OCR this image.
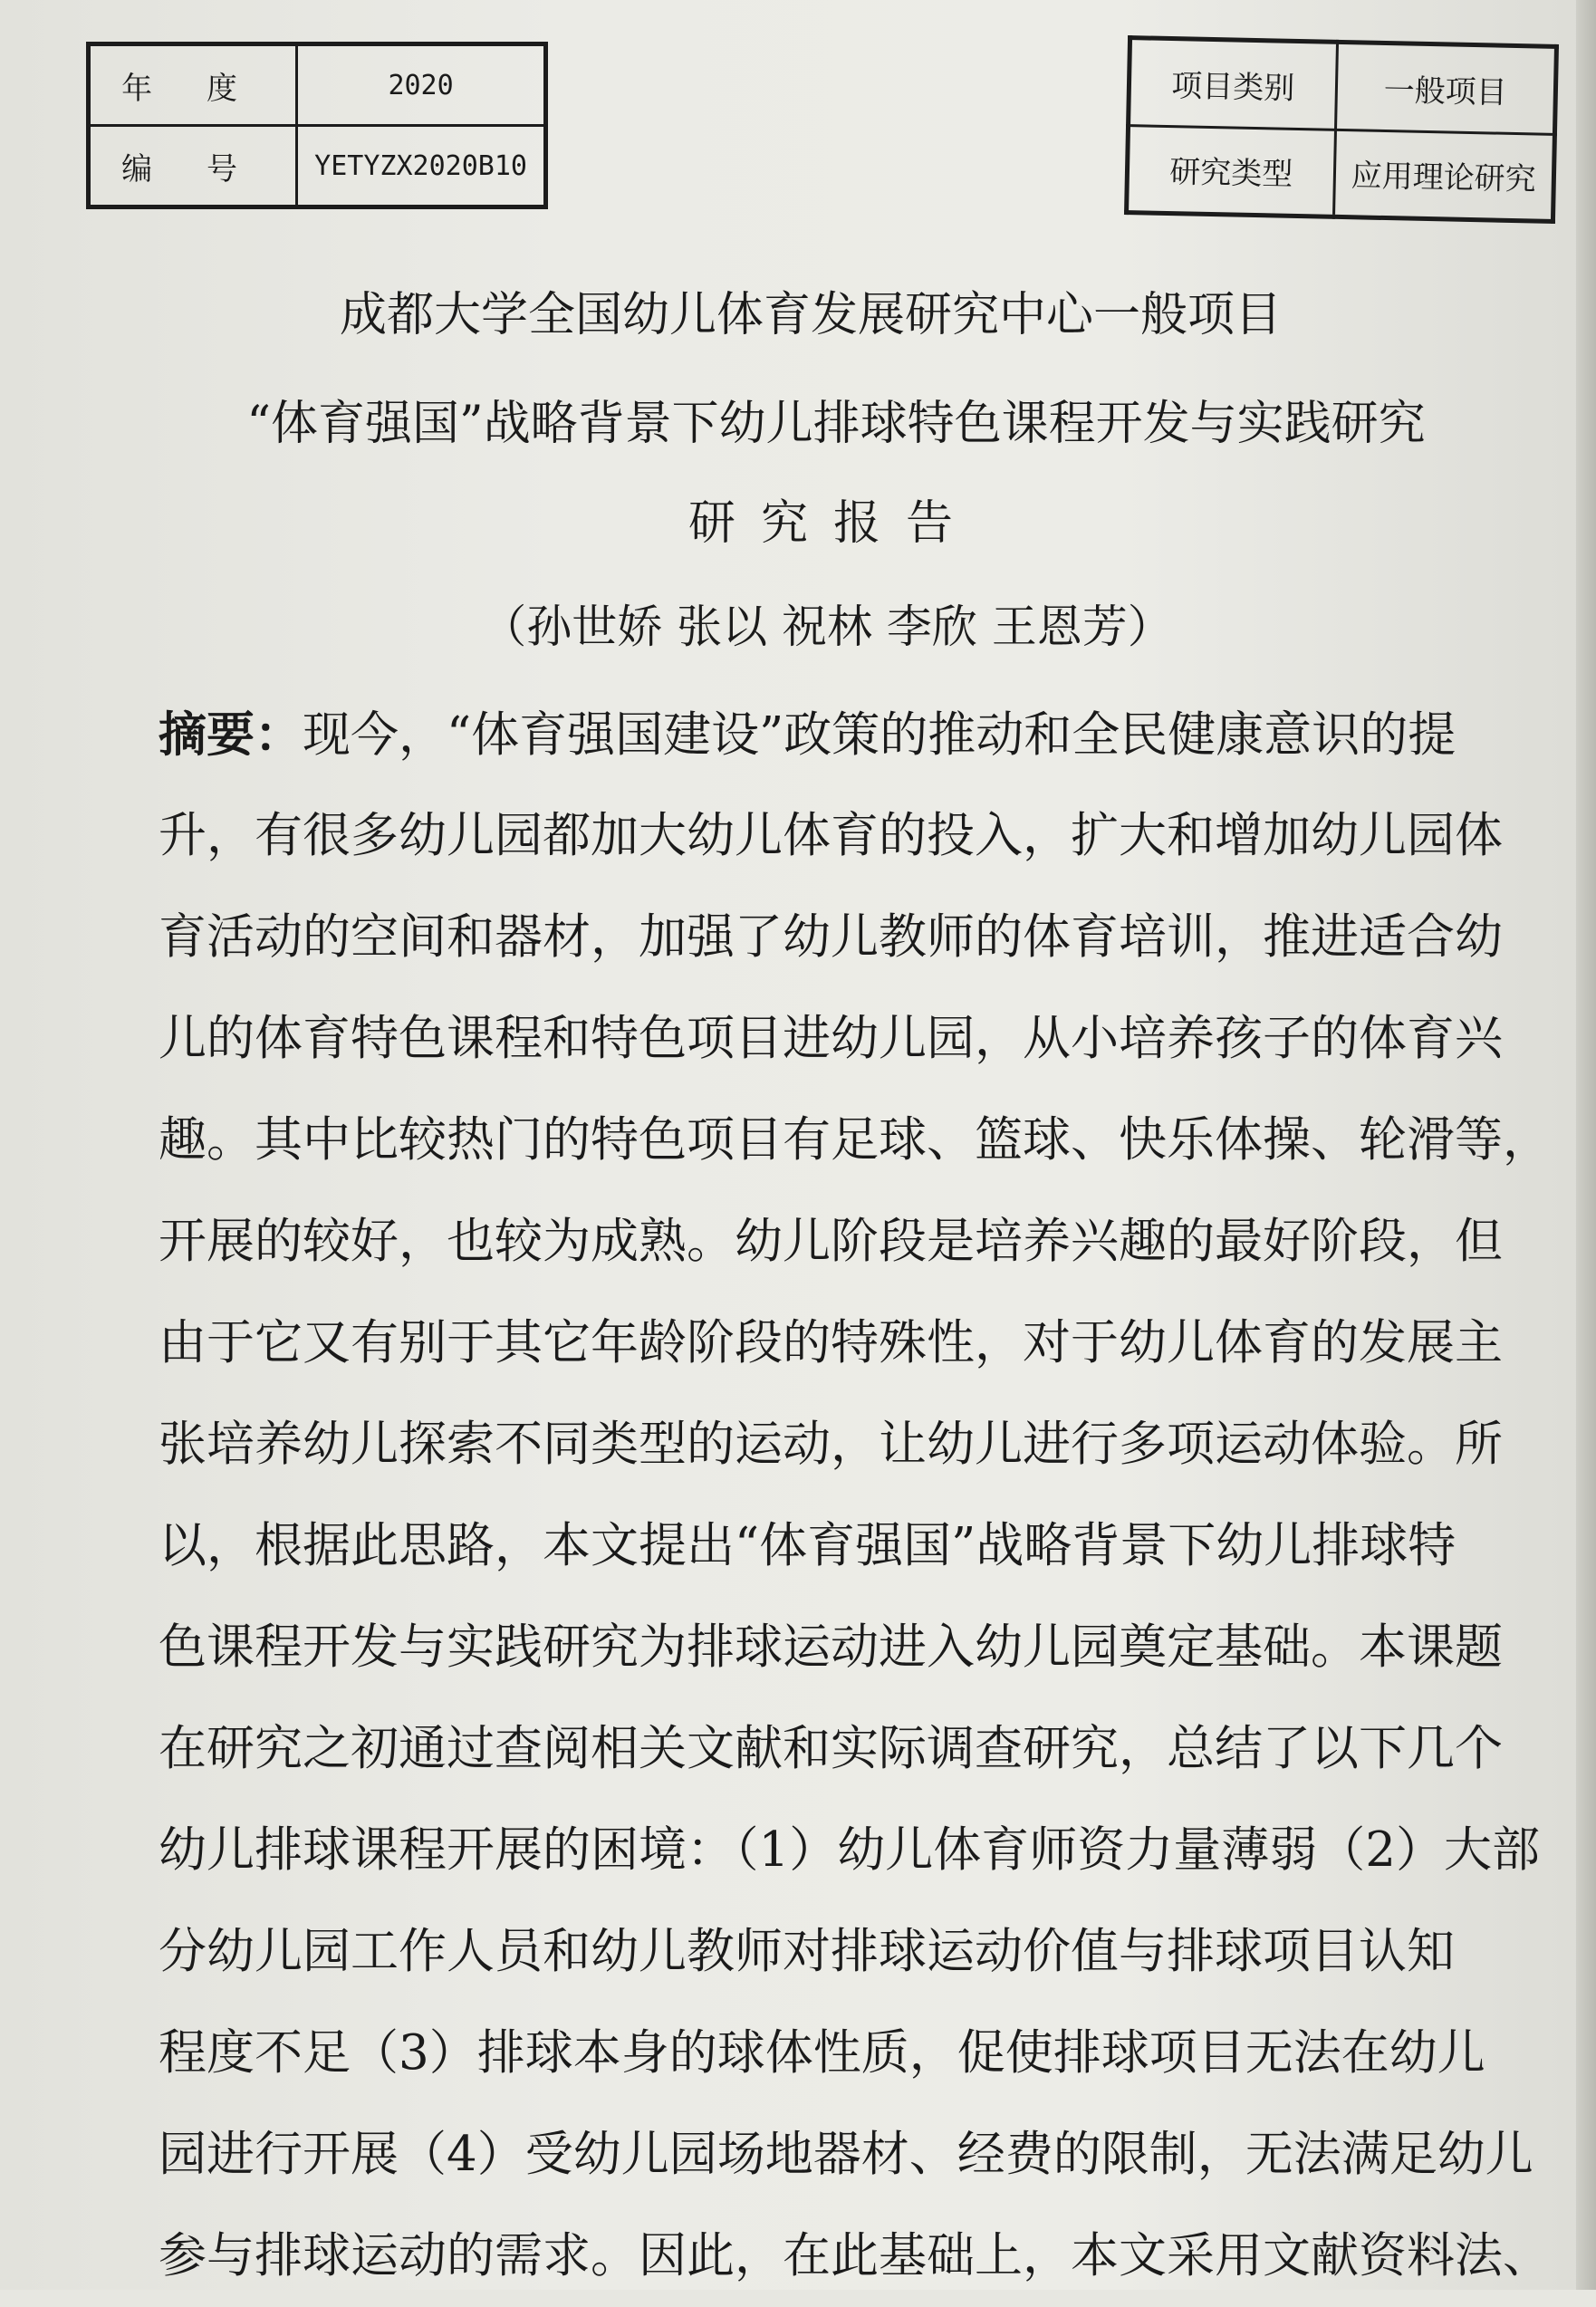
年度	2020
编号	YETYZX2020B10
项目类别	一般项目
研究类型	应用理论研究
成都大学全国幼儿体育发展研究中心一般项目
“体育强国”战略背景下幼儿排球特色课程开发与实践研究
研究报告
（孙世娇 张以 祝林 李欣 王恩芳）
摘要：现今，“体育强国建设”政策的推动和全民健康意识的提
升，有很多幼儿园都加大幼儿体育的投入，扩大和增加幼儿园体
育活动的空间和器材，加强了幼儿教师的体育培训，推进适合幼
儿的体育特色课程和特色项目进幼儿园，从小培养孩子的体育兴
趣。其中比较热门的特色项目有足球、篮球、快乐体操、轮滑等，
开展的较好，也较为成熟。幼儿阶段是培养兴趣的最好阶段，但
由于它又有别于其它年龄阶段的特殊性，对于幼儿体育的发展主
张培养幼儿探索不同类型的运动，让幼儿进行多项运动体验。所
以，根据此思路，本文提出“体育强国”战略背景下幼儿排球特
色课程开发与实践研究为排球运动进入幼儿园奠定基础。本课题
在研究之初通过查阅相关文献和实际调查研究，总结了以下几个
幼儿排球课程开展的困境：（1）幼儿体育师资力量薄弱（2）大部
分幼儿园工作人员和幼儿教师对排球运动价值与排球项目认知
程度不足（3）排球本身的球体性质，促使排球项目无法在幼儿
园进行开展（4）受幼儿园场地器材、经费的限制，无法满足幼儿
参与排球运动的需求。因此，在此基础上，本文采用文献资料法、
